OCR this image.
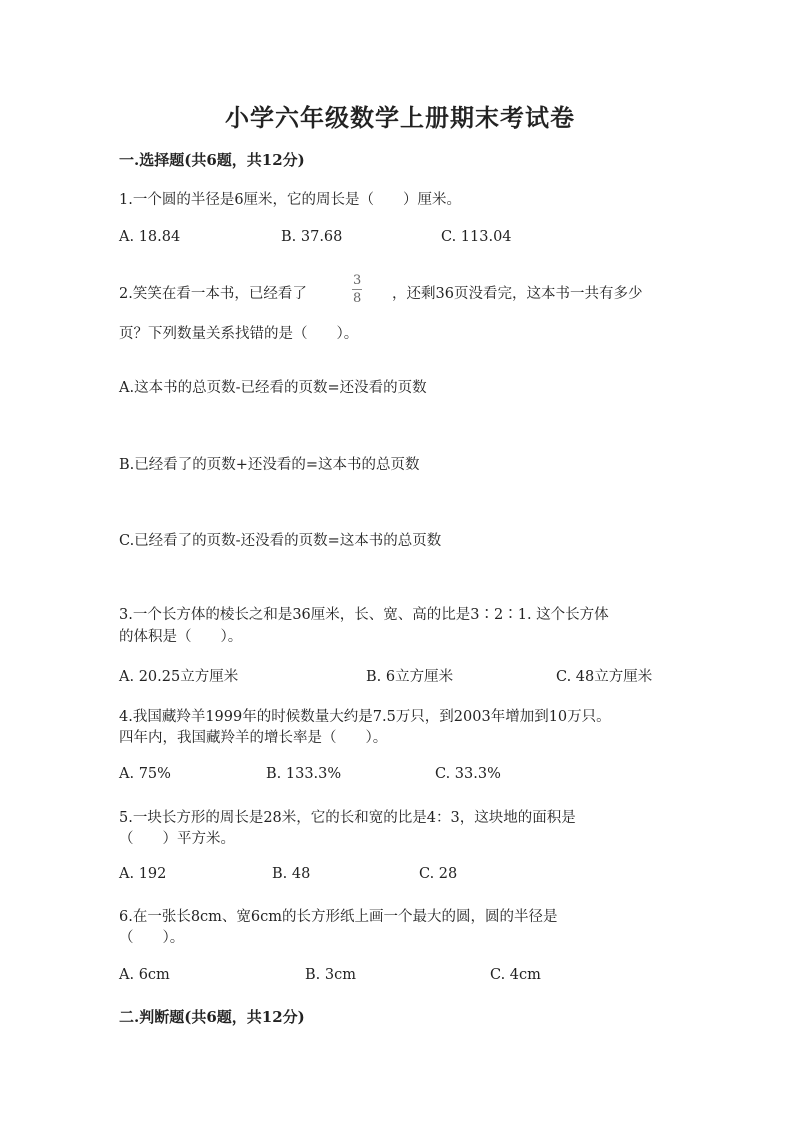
小学六年级数学上册期末考试卷
一.选择题(共6题，共12分)
1.一个圆的半径是6厘米，它的周长是（　　）厘米。
A. 18.84	B. 37.68	C. 113.04
2.笑笑在看一本书，已经看了	$\frac{3}{8}$ ，还剩36页没看完，这本书一共有多少
页？下列数量关系找错的是（　　）。
A.这本书的总页数-已经看的页数=还没看的页数
B.已经看了的页数+还没看的=这本书的总页数
C.已经看了的页数-还没看的页数=这本书的总页数
3.一个长方体的棱长之和是36厘米，长、宽、高的比是3∶2∶1. 这个长方体
的体积是（　　）。
A. 20.25立方厘米	B. 6立方厘米	C. 48立方厘米
4.我国藏羚羊1999年的时候数量大约是7.5万只，到2003年增加到10万只。
四年内，我国藏羚羊的增长率是（　　）。
A. 75%	B. 133.3%	C. 33.3%
5.一块长方形的周长是28米，它的长和宽的比是4：3，这块地的面积是
（　　）平方米。
A. 192	B. 48	C. 28
6.在一张长8cm、宽6cm的长方形纸上画一个最大的圆，圆的半径是
（　　）。
A. 6cm	B. 3cm	C. 4cm
二.判断题(共6题，共12分)
